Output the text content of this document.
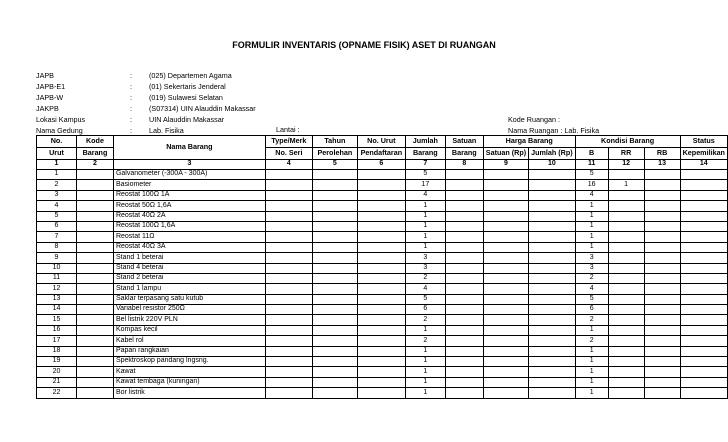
FORMULIR INVENTARIS (OPNAME FISIK) ASET DI RUANGAN
JAPB	: (025) Departemen Agama
JAPB-E1	: (01) Sekertaris Jenderal
JAPB-W	: (019) Sulawesi Selatan
JAKPB	: (S07314) UIN Alauddin Makassar
Lokasi Kampus	: UIN Alauddin Makassar
Nama Gedung	: Lab. Fisika	Lantai :
Kode Ruangan :
Nama Ruangan : Lab. Fisika
No.	Kode	Nama Barang	Type/Merk	Tahun	No. Urut	Jumlah	Satuan	Harga Barang		Kondisi Barang			Status
Urut	Barang		No. Seri	Perolehan	Pendaftaran	Barang	Barang	Satuan (Rp)	Jumlah (Rp)	B	RR	RB	Kepemilikan
1	2	3	4	5	6	7	8	9	10	11	12	13	14
1		Galvanometer (-300A - 300A)				5				5			
2		Basiometer				17				16	1		
3		Reostat 100Ω 1A				4				4			
4		Reostat 50Ω 1,6A				1				1			
5		Reostat 40Ω 2A				1				1			
6		Reostat 100Ω 1,6A				1				1			
7		Reostat 11Ω				1				1			
8		Reostat 40Ω 3A				1				1			
9		Stand 1 beterai				3				3			
10		Stand 4 beterai				3				3			
11		Stand 2 beterai				2				2			
12		Stand 1 lampu				4				4			
13		Saklar terpasang satu kutub				5				5			
14		Variabel resistor 250Ω				6				6			
15		Bel listrik 220V PLN				2				2			
16		Kompas kecil				1				1			
17		Kabel rol				2				2			
18		Papan rangkaian				1				1			
19		Spektroskop pandang lngsng.				1				1			
20		Kawat				1				1			
21		Kawat tembaga (kuningan)				1				1			
22		Bor listrik				1				1			
